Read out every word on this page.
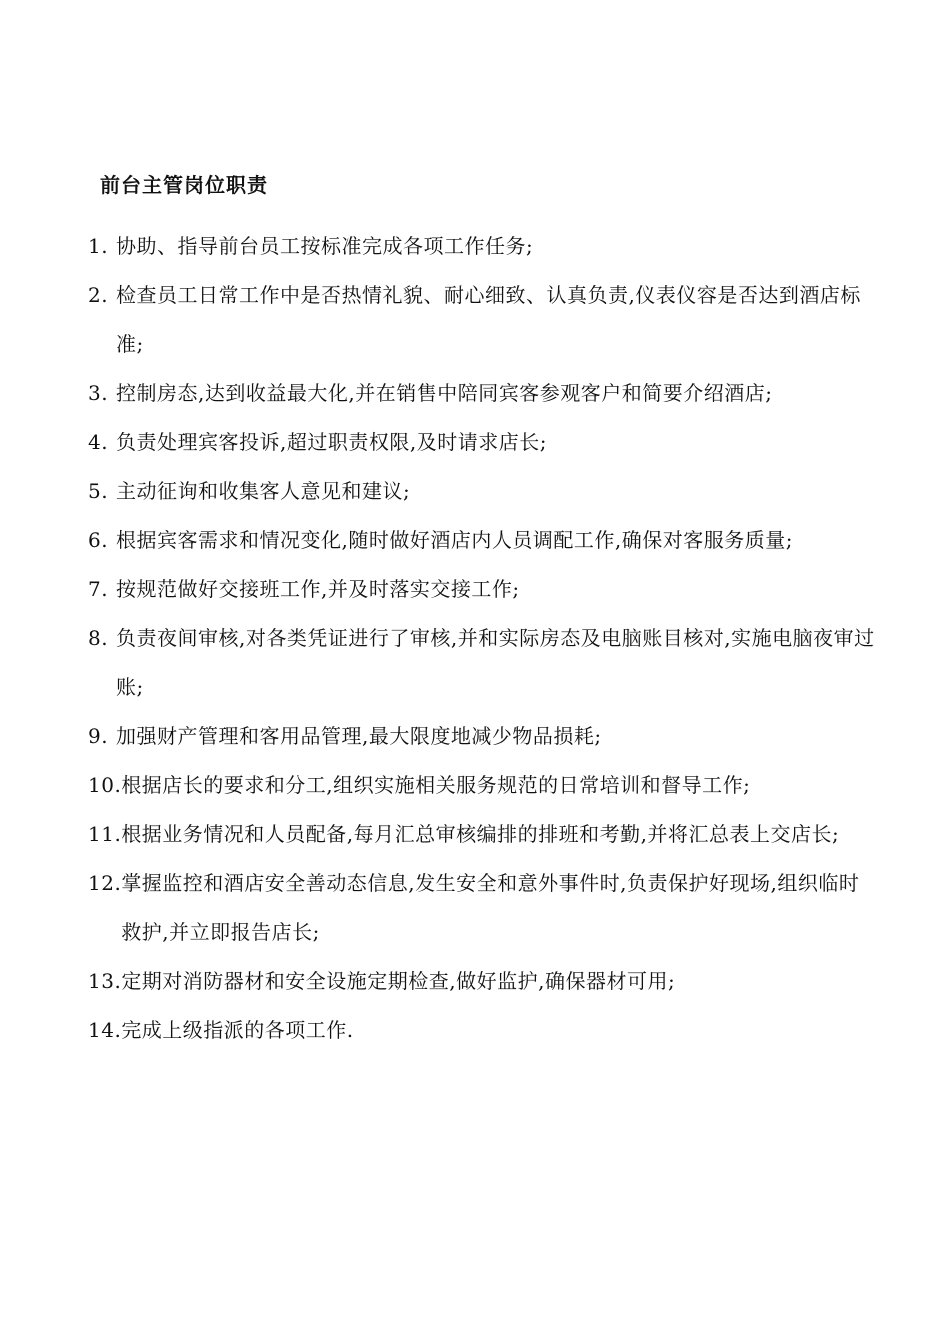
前台主管岗位职责
1. 协助、指导前台员工按标准完成各项工作任务;
2. 检查员工日常工作中是否热情礼貌、耐心细致、认真负责,仪表仪容是否达到酒店标准;
3. 控制房态,达到收益最大化,并在销售中陪同宾客参观客户和简要介绍酒店;
4. 负责处理宾客投诉,超过职责权限,及时请求店长;
5. 主动征询和收集客人意见和建议;
6. 根据宾客需求和情况变化,随时做好酒店内人员调配工作,确保对客服务质量;
7. 按规范做好交接班工作,并及时落实交接工作;
8. 负责夜间审核,对各类凭证进行了审核,并和实际房态及电脑账目核对,实施电脑夜审过账;
9. 加强财产管理和客用品管理,最大限度地减少物品损耗;
10. 根据店长的要求和分工,组织实施相关服务规范的日常培训和督导工作;
11. 根据业务情况和人员配备,每月汇总审核编排的排班和考勤,并将汇总表上交店长;
12. 掌握监控和酒店安全善动态信息,发生安全和意外事件时,负责保护好现场,组织临时救护,并立即报告店长;
13. 定期对消防器材和安全设施定期检查,做好监护,确保器材可用;
14. 完成上级指派的各项工作.
